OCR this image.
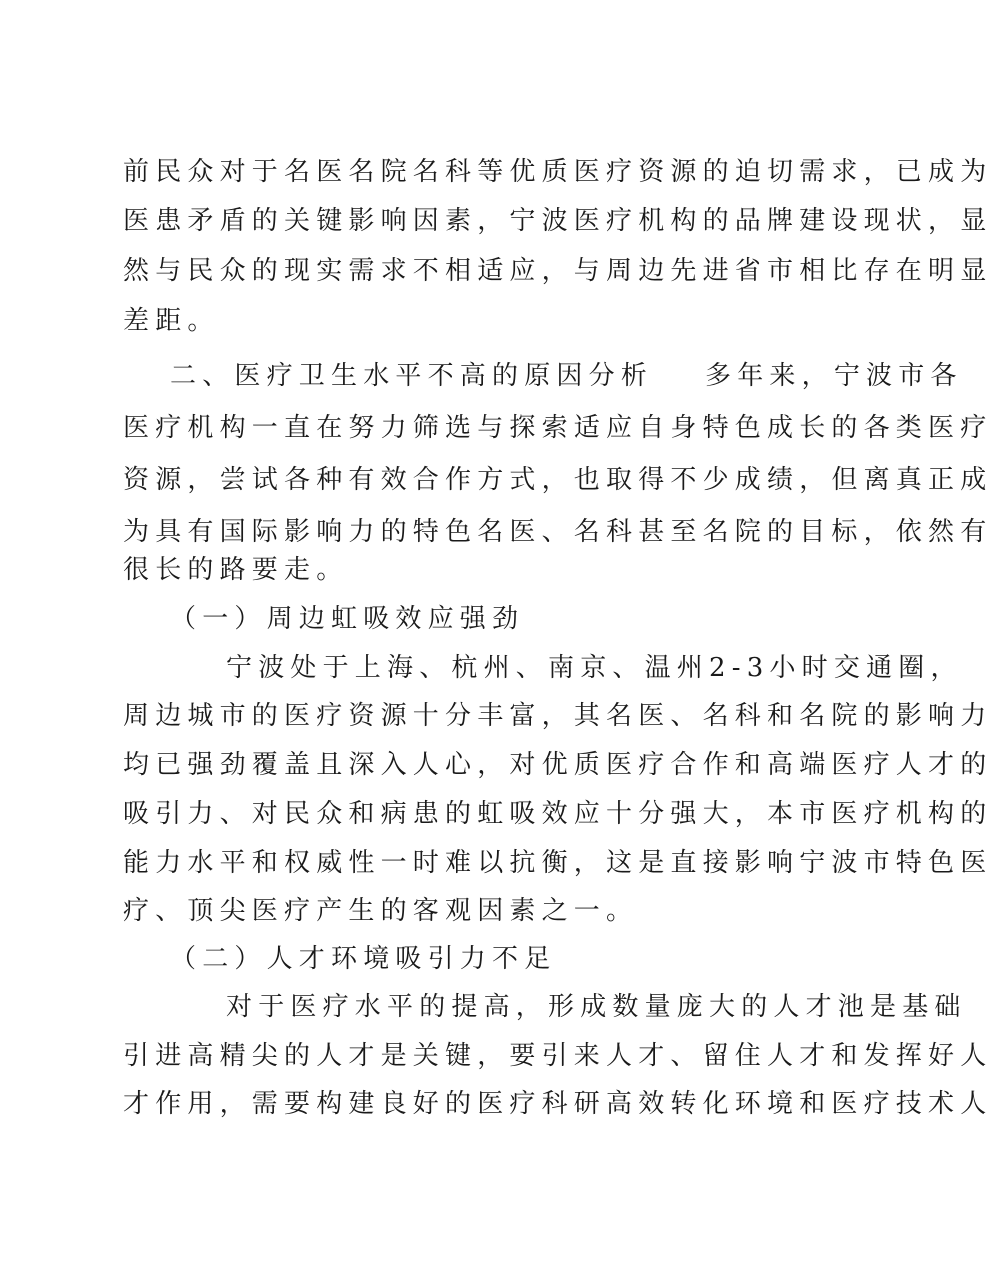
前民众对于名医名院名科等优质医疗资源的迫切需求，已成为
医患矛盾的关键影响因素，宁波医疗机构的品牌建设现状，显
然与民众的现实需求不相适应，与周边先进省市相比存在明显
差距。
二、医疗卫生水平不高的原因分析 多年来，宁波市各
医疗机构一直在努力筛选与探索适应自身特色成长的各类医疗
资源，尝试各种有效合作方式，也取得不少成绩，但离真正成
为具有国际影响力的特色名医、名科甚至名院的目标，依然有
很长的路要走。
（一）周边虹吸效应强劲
宁波处于上海、杭州、南京、温州2-3小时交通圈，
周边城市的医疗资源十分丰富，其名医、名科和名院的影响力
均已强劲覆盖且深入人心，对优质医疗合作和高端医疗人才的
吸引力、对民众和病患的虹吸效应十分强大，本市医疗机构的
能力水平和权威性一时难以抗衡，这是直接影响宁波市特色医
疗、顶尖医疗产生的客观因素之一。
（二）人才环境吸引力不足
对于医疗水平的提高，形成数量庞大的人才池是基础
引进高精尖的人才是关键，要引来人才、留住人才和发挥好人
才作用，需要构建良好的医疗科研高效转化环境和医疗技术人
